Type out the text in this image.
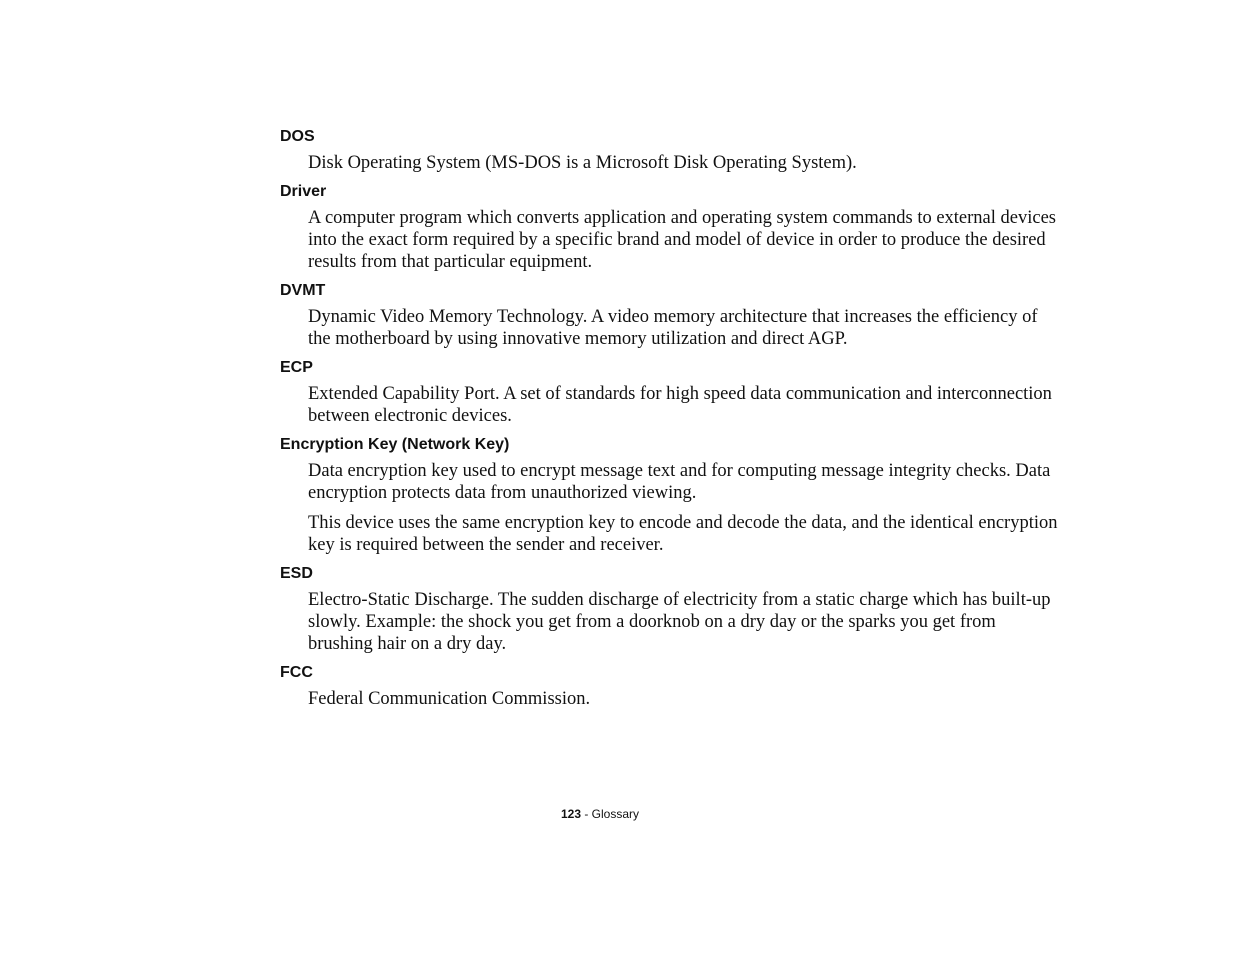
DOS

Disk Operating System (MS-DOS is a Microsoft Disk Operating System).

Driver

A computer program which converts application and operating system commands to external devices into the exact form required by a specific brand and model of device in order to produce the desired results from that particular equipment.

DVMT

Dynamic Video Memory Technology. A video memory architecture that increases the efficiency of the motherboard by using innovative memory utilization and direct AGP.

ECP

Extended Capability Port. A set of standards for high speed data communication and interconnection between electronic devices.

Encryption Key (Network Key)

Data encryption key used to encrypt message text and for computing message integrity checks. Data encryption protects data from unauthorized viewing.

This device uses the same encryption key to encode and decode the data, and the identical encryption key is required between the sender and receiver.

ESD

Electro-Static Discharge. The sudden discharge of electricity from a static charge which has built-up slowly. Example: the shock you get from a doorknob on a dry day or the sparks you get from brushing hair on a dry day.

FCC

Federal Communication Commission.

123 - Glossary
